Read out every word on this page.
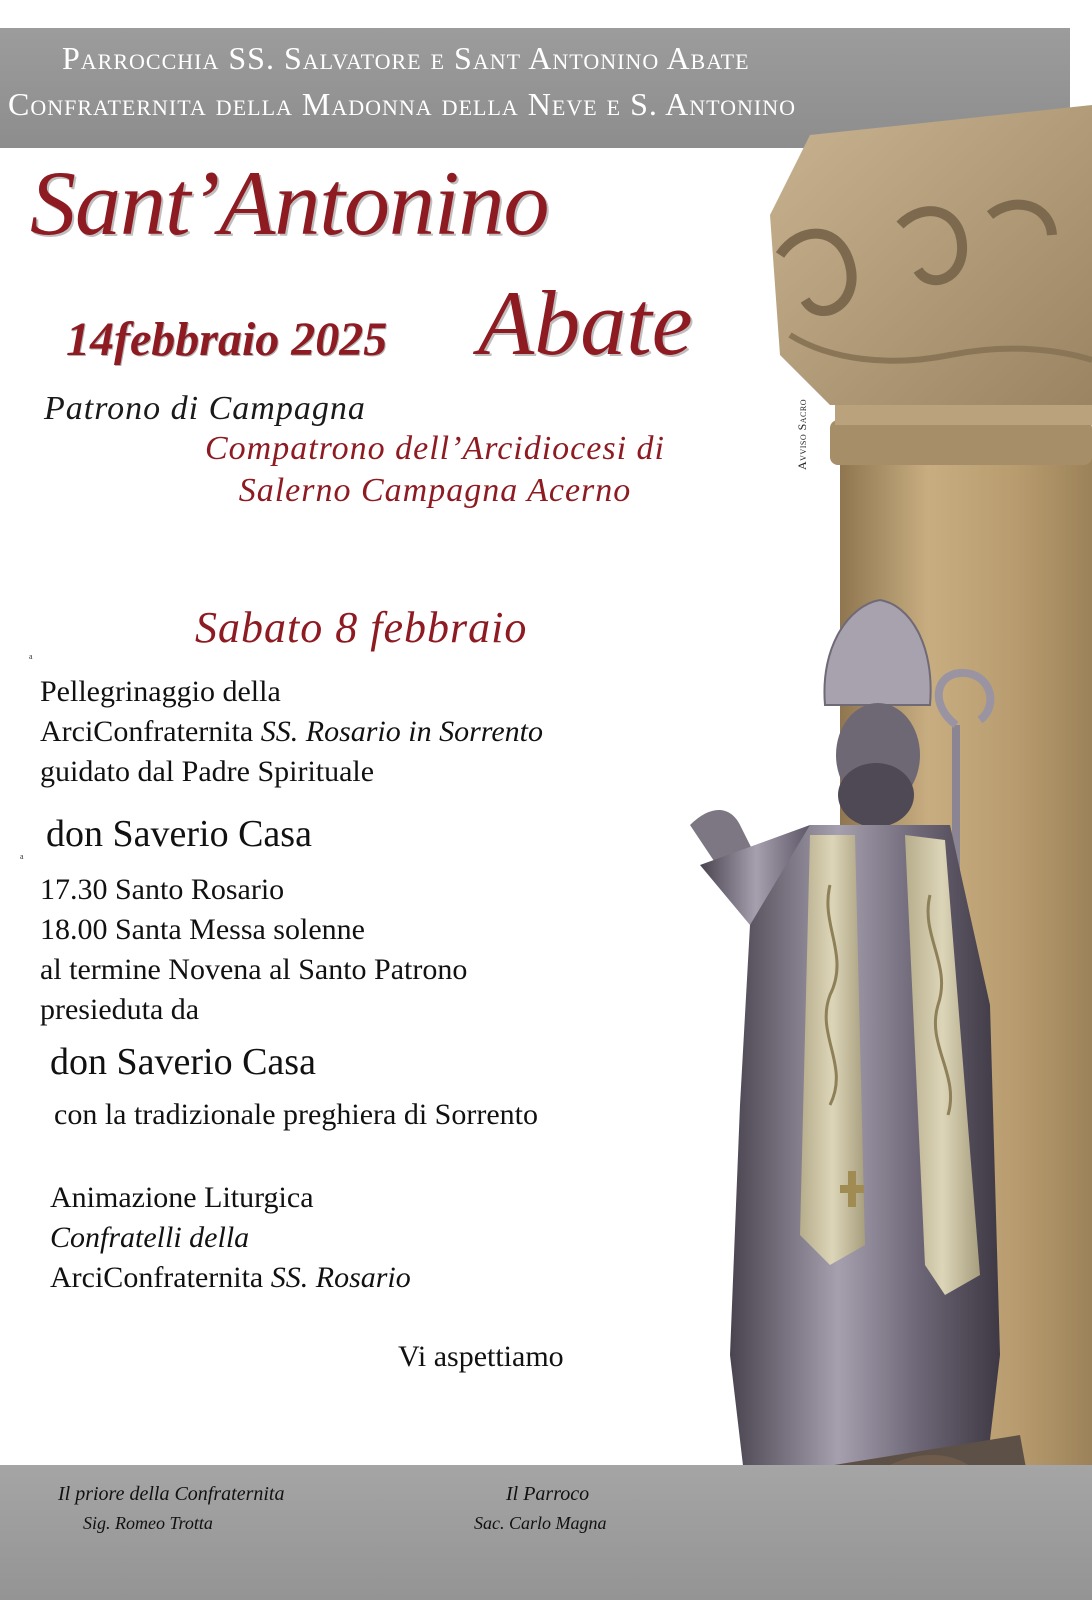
Parrocchia SS. Salvatore e Sant Antonino Abate
Confraternita della Madonna della Neve e S. Antonino
Sant’Antonino
Abate
14febbraio 2025
Patrono di Campagna
Compatrono dell’Arcidiocesi di
Salerno Campagna Acerno
Avviso Sacro
Sabato 8 febbraio
a
Pellegrinaggio della
ArciConfraternita SS. Rosario in Sorrento
guidato dal Padre Spirituale
don Saverio Casa
a
17.30 Santo Rosario
18.00 Santa Messa solenne
al termine Novena al Santo Patrono
presieduta da
don Saverio Casa
con la tradizionale preghiera di Sorrento
Animazione Liturgica
Confratelli della
ArciConfraternita SS. Rosario
Vi aspettiamo
Il priore della Confraternita
Sig. Romeo Trotta
Il Parroco
Sac. Carlo Magna
